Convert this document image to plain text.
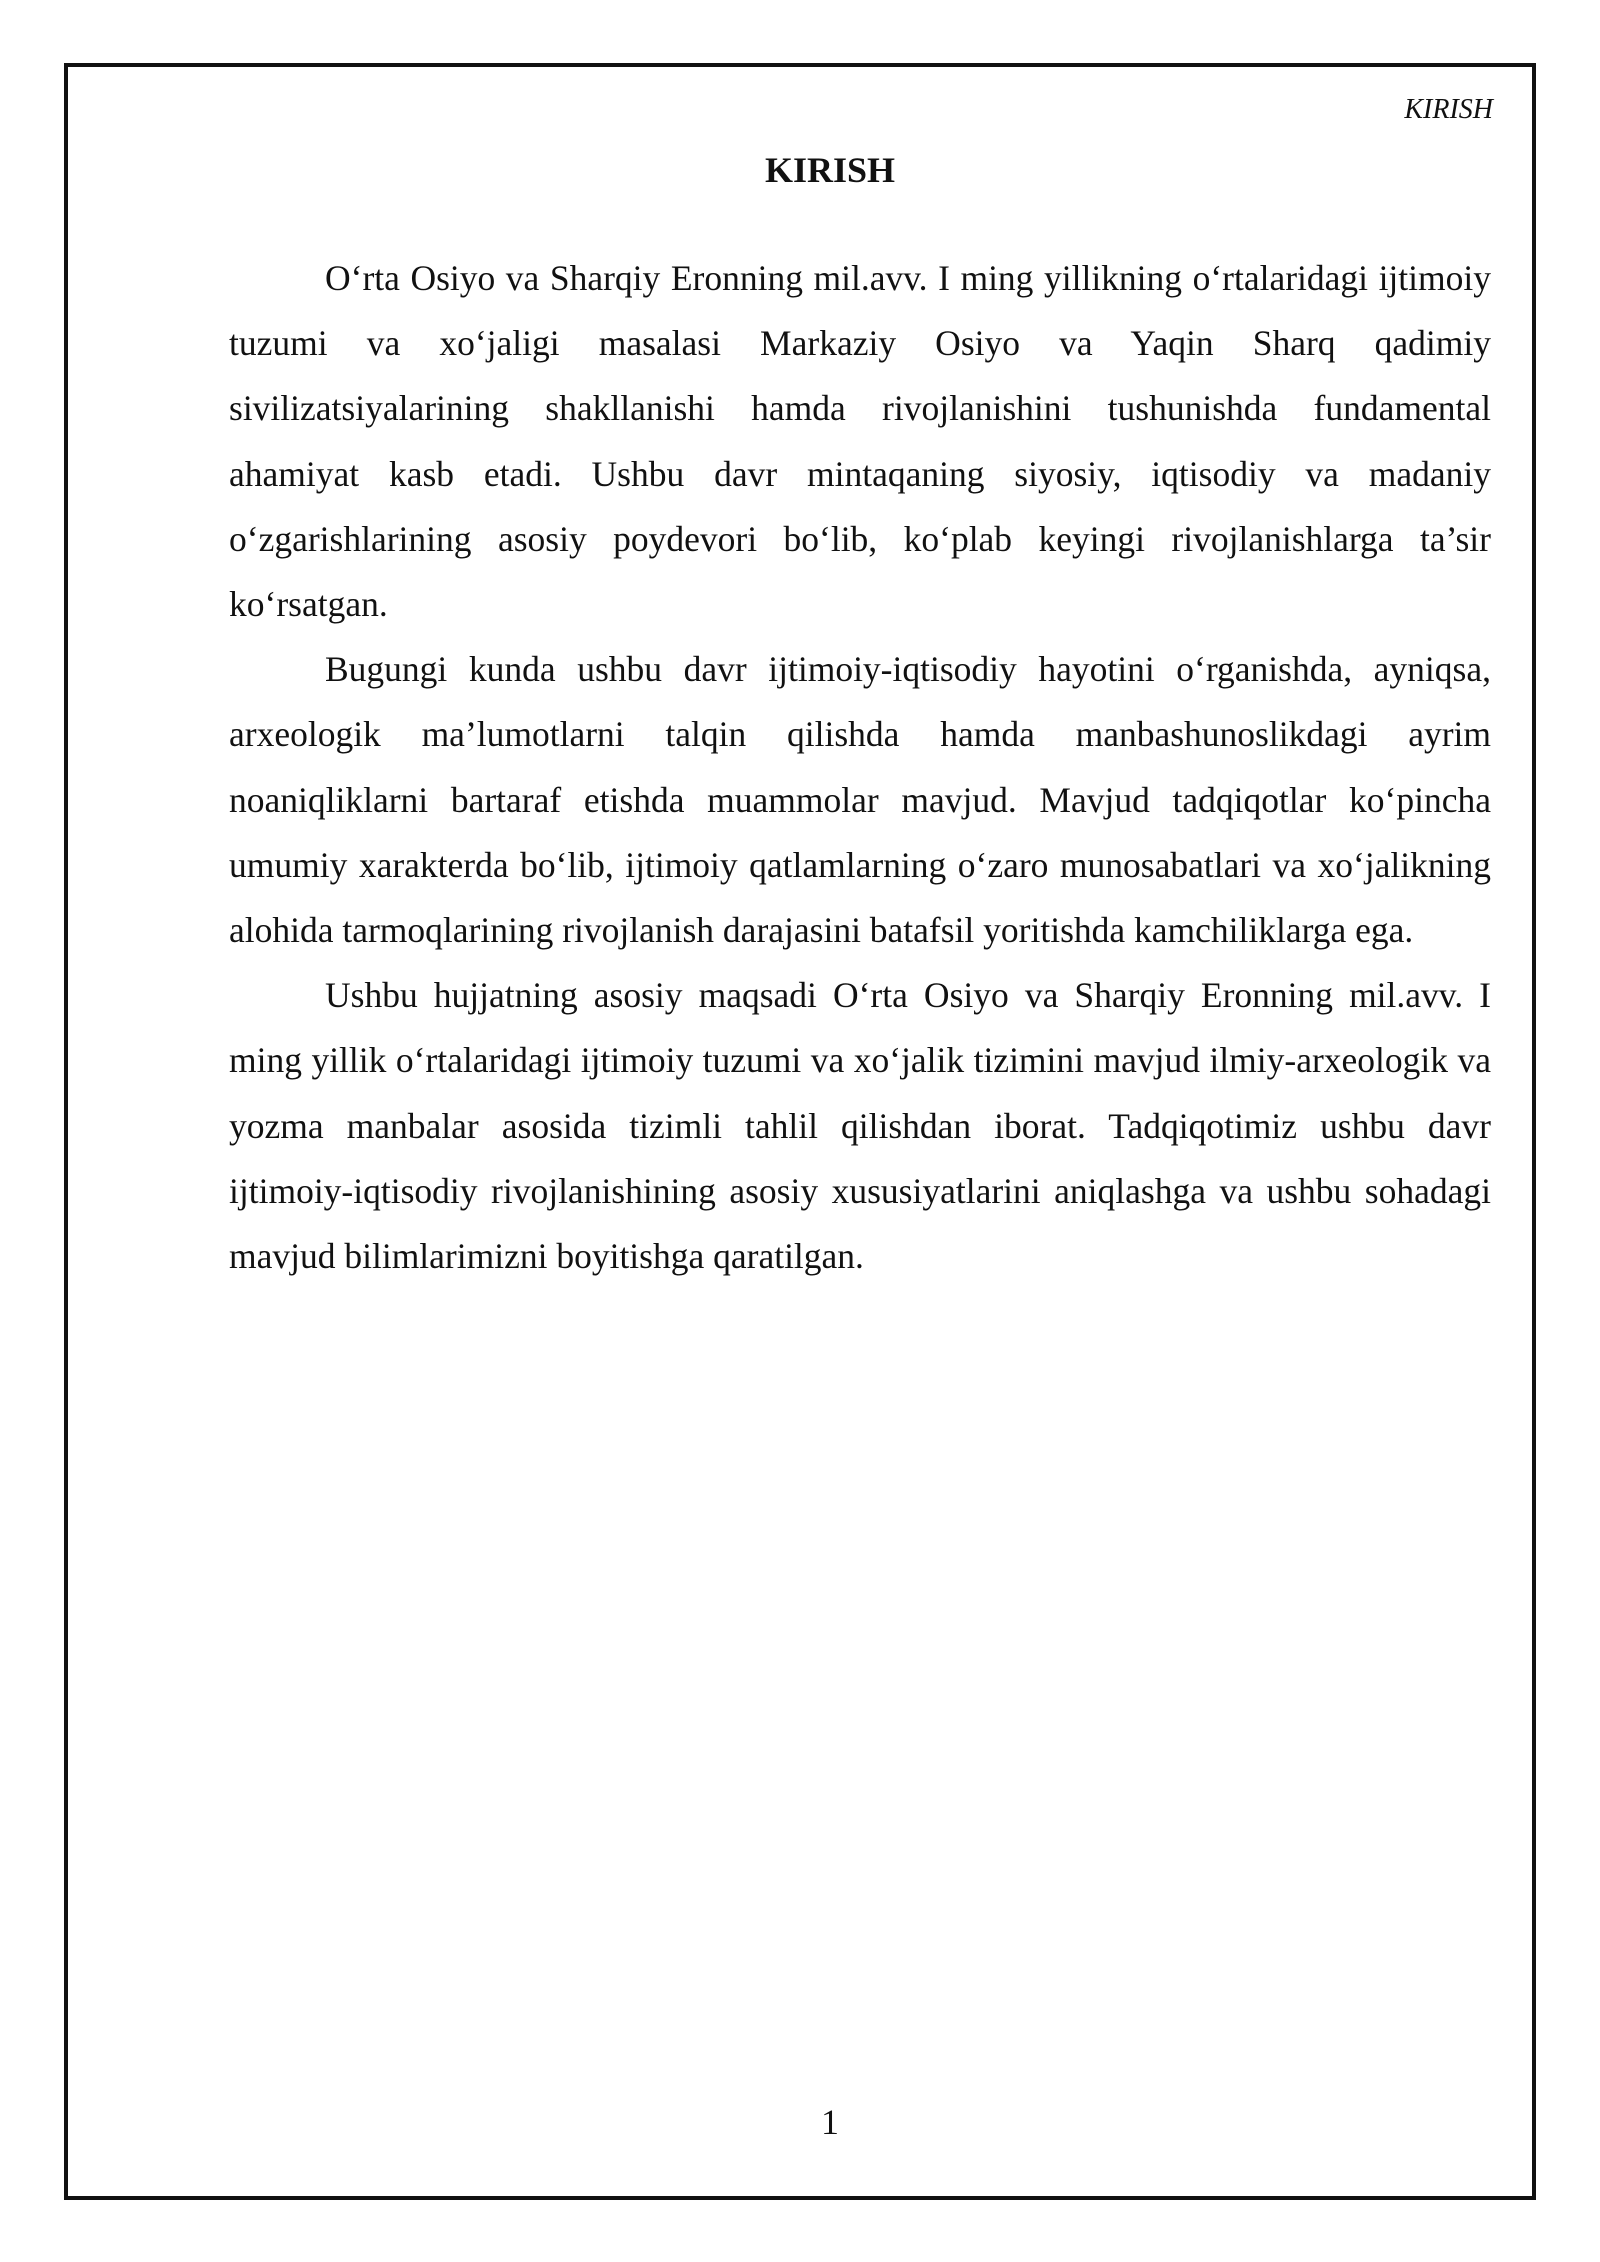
KIRISH
KIRISH

O‘rta Osiyo va Sharqiy Eronning mil.avv. I ming yillikning o‘rtalaridagi ijtimoiy tuzumi va xo‘jaligi masalasi Markaziy Osiyo va Yaqin Sharq qadimiy sivilizatsiyalarining shakllanishi hamda rivojlanishini tushunishda fundamental ahamiyat kasb etadi. Ushbu davr mintaqaning siyosiy, iqtisodiy va madaniy o‘zgarishlarining asosiy poydevori bo‘lib, ko‘plab keyingi rivojlanishlarga ta’sir ko‘rsatgan.

Bugungi kunda ushbu davr ijtimoiy-iqtisodiy hayotini o‘rganishda, ayniqsa, arxeologik ma’lumotlarni talqin qilishda hamda manbashunoslikdagi ayrim noaniqliklarni bartaraf etishda muammolar mavjud. Mavjud tadqiqotlar ko‘pincha umumiy xarakterda bo‘lib, ijtimoiy qatlamlarning o‘zaro munosabatlari va xo‘jalikning alohida tarmoqlarining rivojlanish darajasini batafsil yoritishda kamchiliklarga ega.

Ushbu hujjatning asosiy maqsadi O‘rta Osiyo va Sharqiy Eronning mil.avv. I ming yillik o‘rtalaridagi ijtimoiy tuzumi va xo‘jalik tizimini mavjud ilmiy-arxeologik va yozma manbalar asosida tizimli tahlil qilishdan iborat. Tadqiqotimiz ushbu davr ijtimoiy-iqtisodiy rivojlanishining asosiy xususiyatlarini aniqlashga va ushbu sohadagi mavjud bilimlarimizni boyitishga qaratilgan.

1
